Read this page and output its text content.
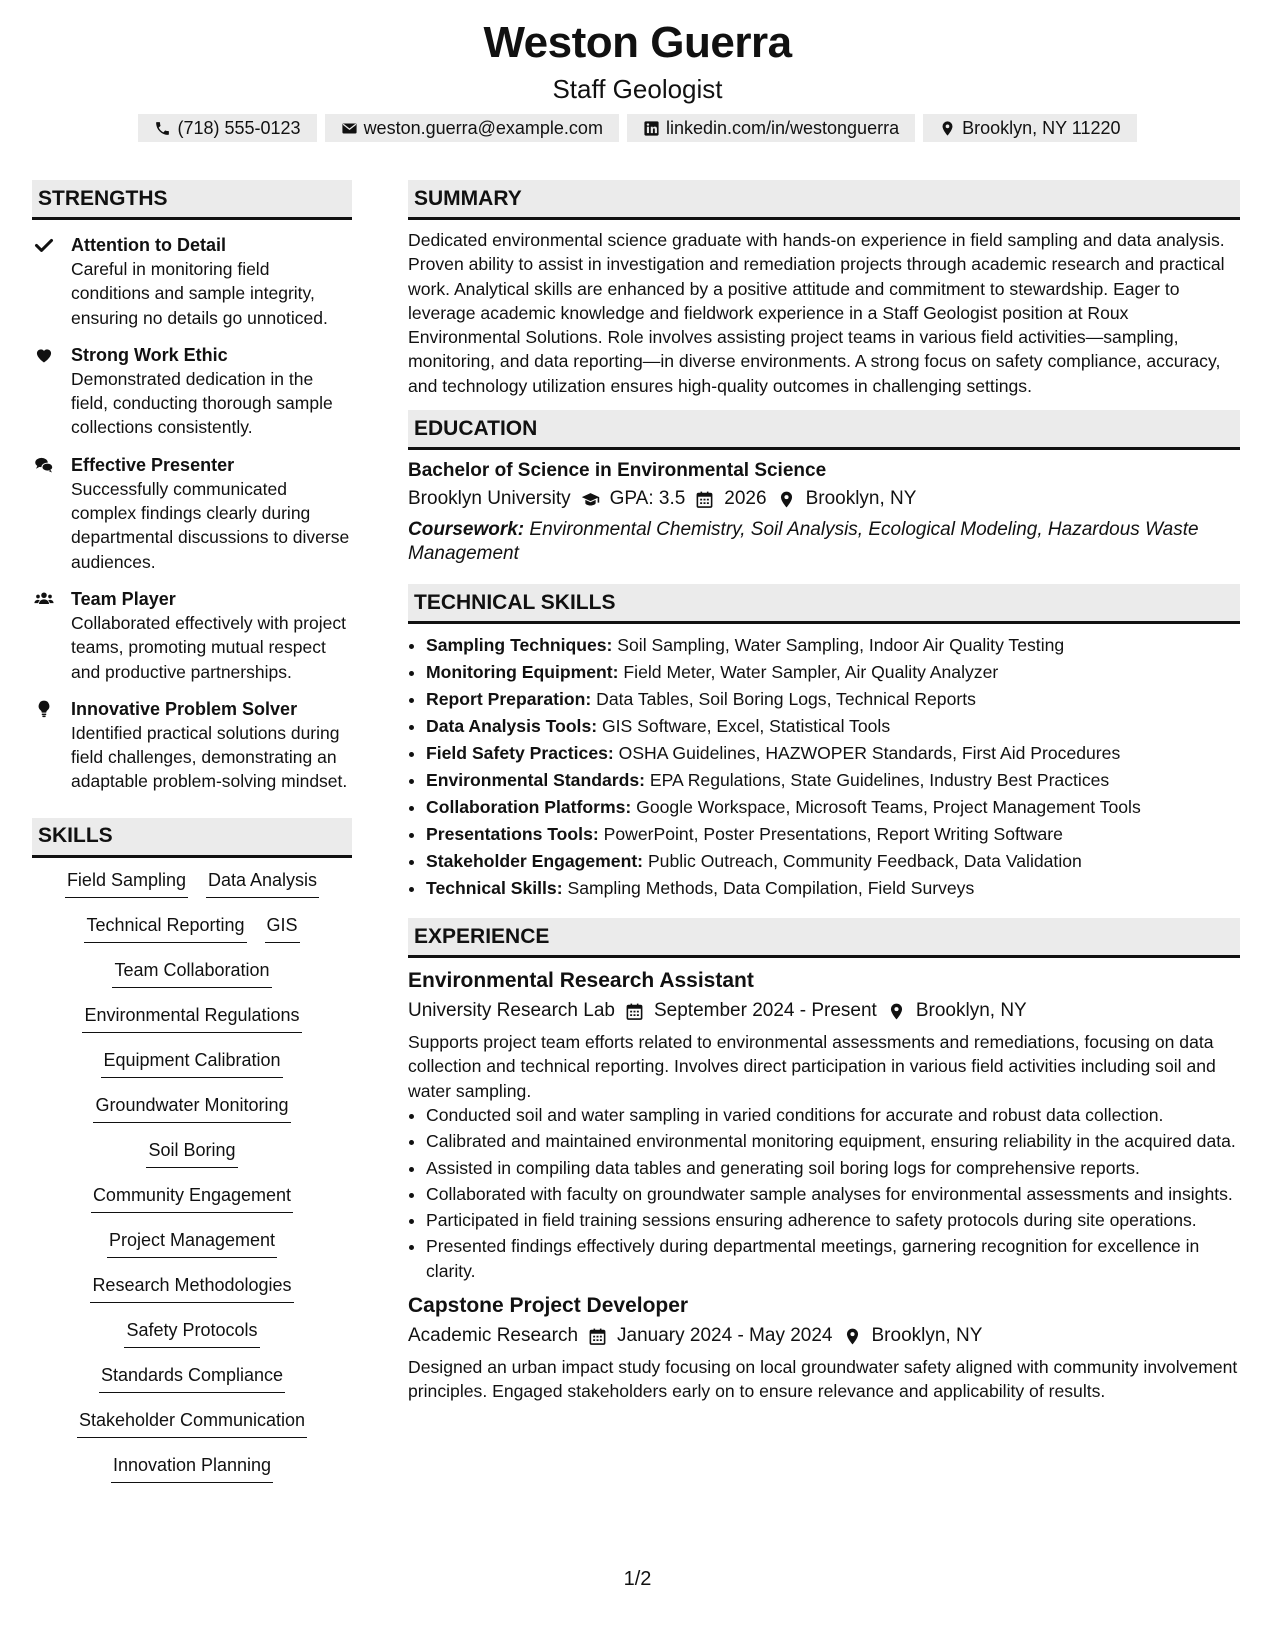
Weston Guerra
Staff Geologist
(718) 555-0123	weston.guerra@example.com	linkedin.com/in/westonguerra	Brooklyn, NY 11220
STRENGTHS
Attention to Detail
Careful in monitoring field conditions and sample integrity, ensuring no details go unnoticed.
Strong Work Ethic
Demonstrated dedication in the field, conducting thorough sample collections consistently.
Effective Presenter
Successfully communicated complex findings clearly during departmental discussions to diverse audiences.
Team Player
Collaborated effectively with project teams, promoting mutual respect and productive partnerships.
Innovative Problem Solver
Identified practical solutions during field challenges, demonstrating an adaptable problem-solving mindset.
SKILLS
Field Sampling Data Analysis
Technical Reporting GIS
Team Collaboration
Environmental Regulations
Equipment Calibration
Groundwater Monitoring
Soil Boring
Community Engagement
Project Management
Research Methodologies
Safety Protocols
Standards Compliance
Stakeholder Communication
Innovation Planning
SUMMARY
Dedicated environmental science graduate with hands-on experience in field sampling and data analysis. Proven ability to assist in investigation and remediation projects through academic research and practical work. Analytical skills are enhanced by a positive attitude and commitment to stewardship. Eager to leverage academic knowledge and fieldwork experience in a Staff Geologist position at Roux Environmental Solutions. Role involves assisting project teams in various field activities—sampling, monitoring, and data reporting—in diverse environments. A strong focus on safety compliance, accuracy, and technology utilization ensures high-quality outcomes in challenging settings.
EDUCATION
Bachelor of Science in Environmental Science
Brooklyn University GPA: 3.5 2026 Brooklyn, NY
Coursework: Environmental Chemistry, Soil Analysis, Ecological Modeling, Hazardous Waste Management
TECHNICAL SKILLS
• Sampling Techniques: Soil Sampling, Water Sampling, Indoor Air Quality Testing
• Monitoring Equipment: Field Meter, Water Sampler, Air Quality Analyzer
• Report Preparation: Data Tables, Soil Boring Logs, Technical Reports
• Data Analysis Tools: GIS Software, Excel, Statistical Tools
• Field Safety Practices: OSHA Guidelines, HAZWOPER Standards, First Aid Procedures
• Environmental Standards: EPA Regulations, State Guidelines, Industry Best Practices
• Collaboration Platforms: Google Workspace, Microsoft Teams, Project Management Tools
• Presentations Tools: PowerPoint, Poster Presentations, Report Writing Software
• Stakeholder Engagement: Public Outreach, Community Feedback, Data Validation
• Technical Skills: Sampling Methods, Data Compilation, Field Surveys
EXPERIENCE
Environmental Research Assistant
University Research Lab September 2024 - Present Brooklyn, NY
Supports project team efforts related to environmental assessments and remediations, focusing on data collection and technical reporting. Involves direct participation in various field activities including soil and water sampling.
• Conducted soil and water sampling in varied conditions for accurate and robust data collection.
• Calibrated and maintained environmental monitoring equipment, ensuring reliability in the acquired data.
• Assisted in compiling data tables and generating soil boring logs for comprehensive reports.
• Collaborated with faculty on groundwater sample analyses for environmental assessments and insights.
• Participated in field training sessions ensuring adherence to safety protocols during site operations.
• Presented findings effectively during departmental meetings, garnering recognition for excellence in clarity.
Capstone Project Developer
Academic Research January 2024 - May 2024 Brooklyn, NY
Designed an urban impact study focusing on local groundwater safety aligned with community involvement principles. Engaged stakeholders early on to ensure relevance and applicability of results.
1/2
